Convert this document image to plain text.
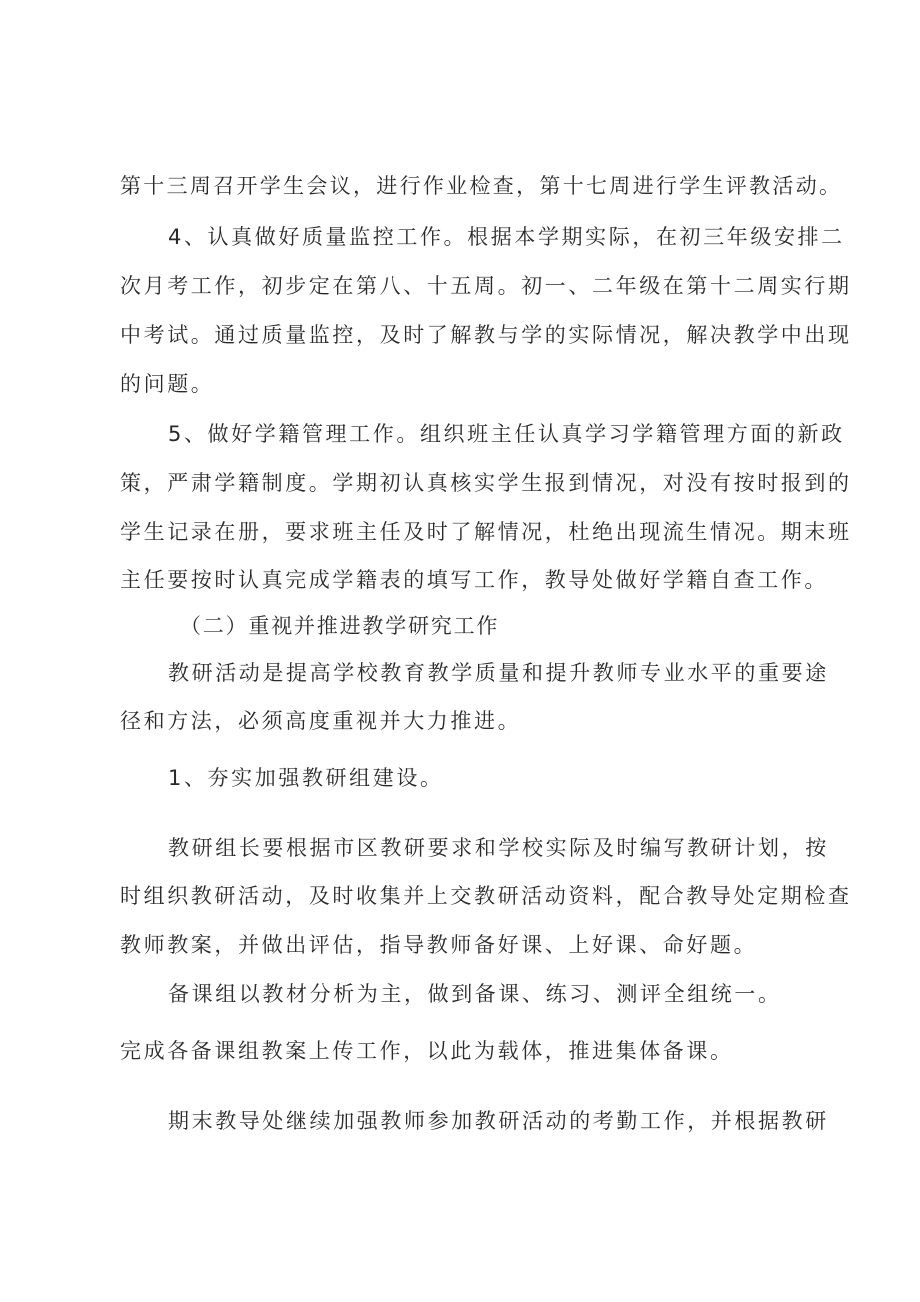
第十三周召开学生会议，进行作业检查，第十七周进行学生评教活动。
4、认真做好质量监控工作。根据本学期实际，在初三年级安排二
次月考工作，初步定在第八、十五周。初一、二年级在第十二周实行期
中考试。通过质量监控，及时了解教与学的实际情况，解决教学中出现
的问题。
5、做好学籍管理工作。组织班主任认真学习学籍管理方面的新政
策，严肃学籍制度。学期初认真核实学生报到情况，对没有按时报到的
学生记录在册，要求班主任及时了解情况，杜绝出现流生情况。期末班
主任要按时认真完成学籍表的填写工作，教导处做好学籍自查工作。
（二）重视并推进教学研究工作
教研活动是提高学校教育教学质量和提升教师专业水平的重要途
径和方法，必须高度重视并大力推进。
1、夯实加强教研组建设。
教研组长要根据市区教研要求和学校实际及时编写教研计划，按
时组织教研活动，及时收集并上交教研活动资料，配合教导处定期检查
教师教案，并做出评估，指导教师备好课、上好课、命好题。
备课组以教材分析为主，做到备课、练习、测评全组统一。
完成各备课组教案上传工作，以此为载体，推进集体备课。
期末教导处继续加强教师参加教研活动的考勤工作，并根据教研
